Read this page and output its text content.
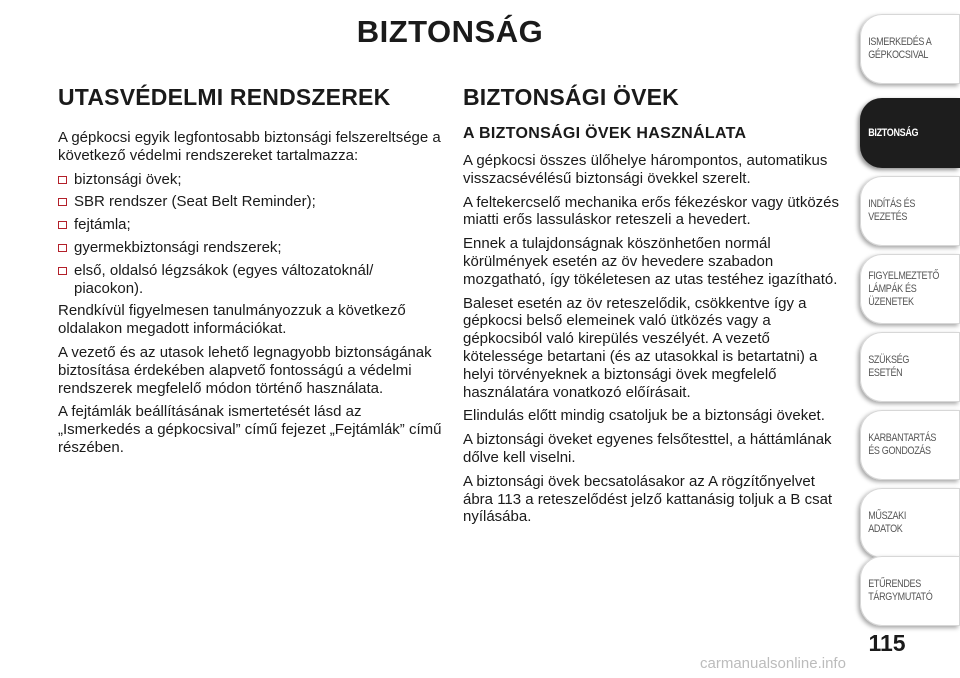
BIZTONSÁG
UTASVÉDELMI RENDSZEREK

A gépkocsi egyik legfontosabb biztonsági felszereltsége a következő védelmi rendszereket tartalmazza:

biztonsági övek;
SBR rendszer (Seat Belt Reminder);
fejtámla;
gyermekbiztonsági rendszerek;
első, oldalsó légzsákok (egyes változatoknál/ piacokon).

Rendkívül figyelmesen tanulmányozzuk a következő oldalakon megadott információkat.

A vezető és az utasok lehető legnagyobb biztonságának biztosítása érdekében alapvető fontosságú a védelmi rendszerek megfelelő módon történő használata.

A fejtámlák beállításának ismertetését lásd az „Ismerkedés a gépkocsival” című fejezet „Fejtámlák” című részében.

BIZTONSÁGI ÖVEK
A BIZTONSÁGI ÖVEK HASZNÁLATA

A gépkocsi összes ülőhelye hárompontos, automatikus visszacsévélésű biztonsági övekkel szerelt.

A feltekercselő mechanika erős fékezéskor vagy ütközés miatti erős lassuláskor reteszeli a hevedert.

Ennek a tulajdonságnak köszönhetően normál körülmények esetén az öv hevedere szabadon mozgatható, így tökéletesen az utas testéhez igazítható.

Baleset esetén az öv reteszelődik, csökkentve így a gépkocsi belső elemeinek való ütközés vagy a gépkocsiból való kirepülés veszélyét. A vezető kötelessége betartani (és az utasokkal is betartatni) a helyi törvényeknek a biztonsági övek megfelelő használatára vonatkozó előírásait.

Elindulás előtt mindig csatoljuk be a biztonsági öveket.

A biztonsági öveket egyenes felsőtesttel, a háttámlának dőlve kell viselni.

A biztonsági övek becsatolásakor az A rögzítőnyelvet ábra 113 a reteszelődést jelző kattanásig toljuk a B csat nyílásába.

ISMERKEDÉS A GÉPKOCSIVAL
BIZTONSÁG
INDÍTÁS ÉS VEZETÉS
FIGYELMEZTETŐ LÁMPÁK ÉS ÜZENETEK
SZÜKSÉG ESETÉN
KARBANTARTÁS ÉS GONDOZÁS
MŰSZAKI ADATOK
ETŰRENDES TÁRGYMUTATÓ
115
carmanualsonline.info
